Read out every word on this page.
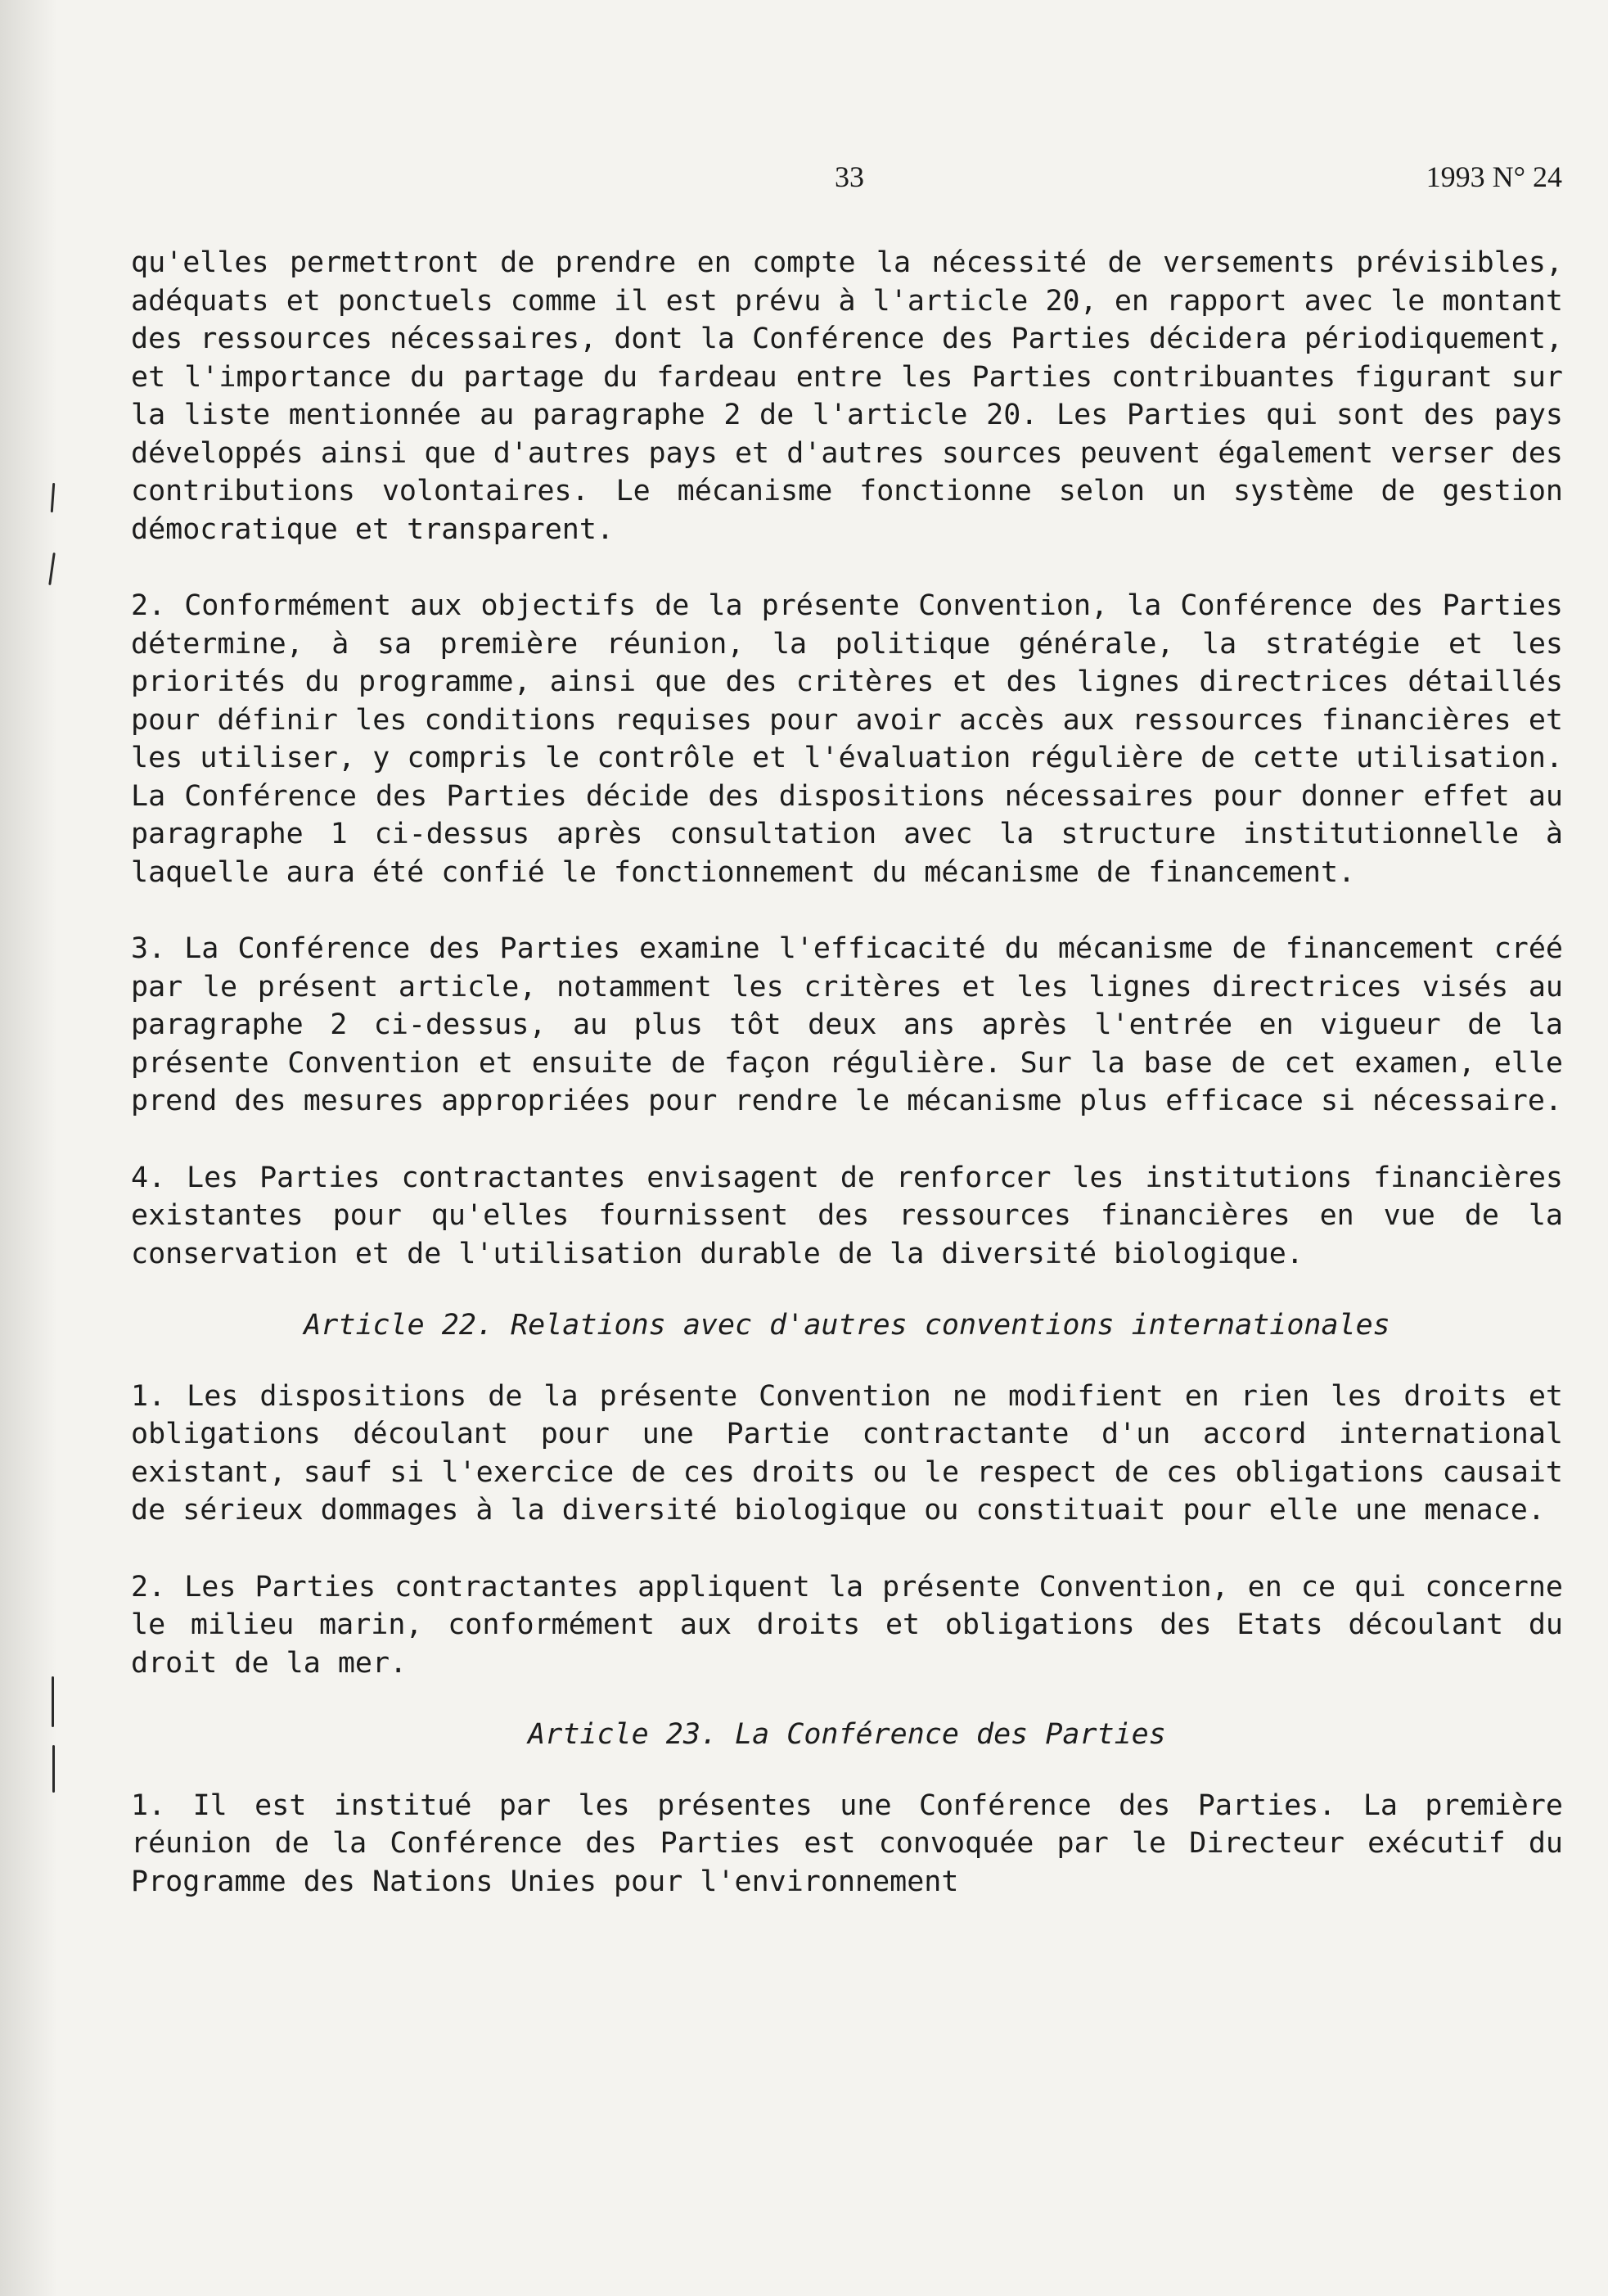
33	1993 N° 24

qu'elles permettront de prendre en compte la nécessité de versements prévisibles, adéquats et ponctuels comme il est prévu à l'article 20, en rapport avec le montant des ressources nécessaires, dont la Conférence des Parties décidera périodiquement, et l'importance du partage du fardeau entre les Parties contribuantes figurant sur la liste mentionnée au paragraphe 2 de l'article 20. Les Parties qui sont des pays développés ainsi que d'autres pays et d'autres sources peuvent également verser des contributions volontaires. Le mécanisme fonctionne selon un système de gestion démocratique et transparent.

2. Conformément aux objectifs de la présente Convention, la Conférence des Parties détermine, à sa première réunion, la politique générale, la stratégie et les priorités du programme, ainsi que des critères et des lignes directrices détaillés pour définir les conditions requises pour avoir accès aux ressources financières et les utiliser, y compris le contrôle et l'évaluation régulière de cette utilisation. La Conférence des Parties décide des dispositions nécessaires pour donner effet au paragraphe 1 ci-dessus après consultation avec la structure institutionnelle à laquelle aura été confié le fonctionnement du mécanisme de financement.

3. La Conférence des Parties examine l'efficacité du mécanisme de financement créé par le présent article, notamment les critères et les lignes directrices visés au paragraphe 2 ci-dessus, au plus tôt deux ans après l'entrée en vigueur de la présente Convention et ensuite de façon régulière. Sur la base de cet examen, elle prend des mesures appropriées pour rendre le mécanisme plus efficace si nécessaire.

4. Les Parties contractantes envisagent de renforcer les institutions financières existantes pour qu'elles fournissent des ressources financières en vue de la conservation et de l'utilisation durable de la diversité biologique.

Article 22. Relations avec d'autres conventions internationales

1. Les dispositions de la présente Convention ne modifient en rien les droits et obligations découlant pour une Partie contractante d'un accord international existant, sauf si l'exercice de ces droits ou le respect de ces obligations causait de sérieux dommages à la diversité biologique ou constituait pour elle une menace.

2. Les Parties contractantes appliquent la présente Convention, en ce qui concerne le milieu marin, conformément aux droits et obligations des Etats découlant du droit de la mer.

Article 23. La Conférence des Parties

1. Il est institué par les présentes une Conférence des Parties. La première réunion de la Conférence des Parties est convoquée par le Directeur exécutif du Programme des Nations Unies pour l'environnement
